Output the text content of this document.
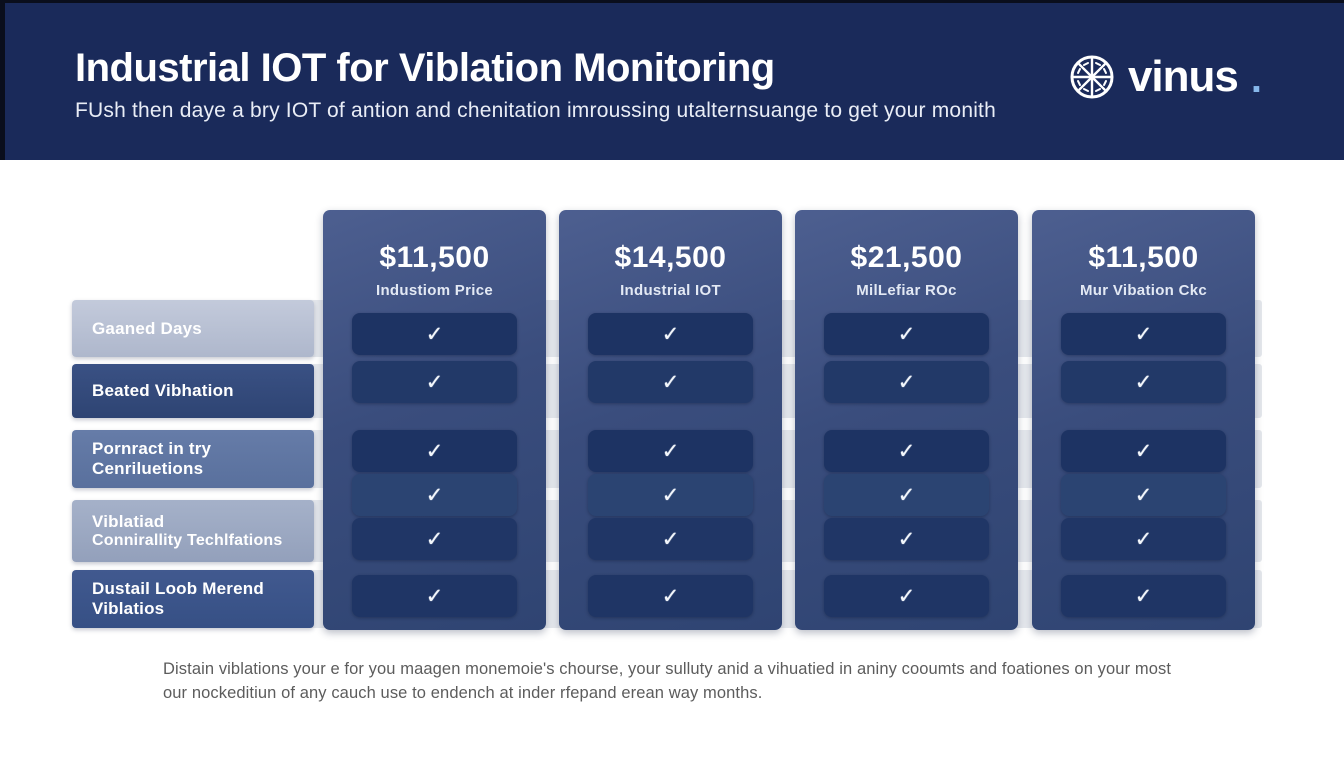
Industrial IOT for Viblation Monitoring

FUsh then daye a bry IOT of antion and chenitation imroussing utalternsuange to get your monith

vinus .
Gaaned Days
Beated Vibhation
Pornract in try Cenriluetions
Viblatiad
Connirallity Techlfations
Dustail Loob Merend Viblatios
$11,500
Industiom Price
✓
✓
✓
✓
✓
✓
$14,500
Industrial IOT
✓
✓
✓
✓
✓
✓
$21,500
MilLefiar ROc
✓
✓
✓
✓
✓
✓
$11,500
Mur Vibation Ckc
✓
✓
✓
✓
✓
✓

Distain viblations your e for you maagen monemoie's chourse, your sulluty anid a vihuatied in aniny cooumts and foationes on your most

our nockeditiun of any cauch use to endench at inder rfepand erean way months.
